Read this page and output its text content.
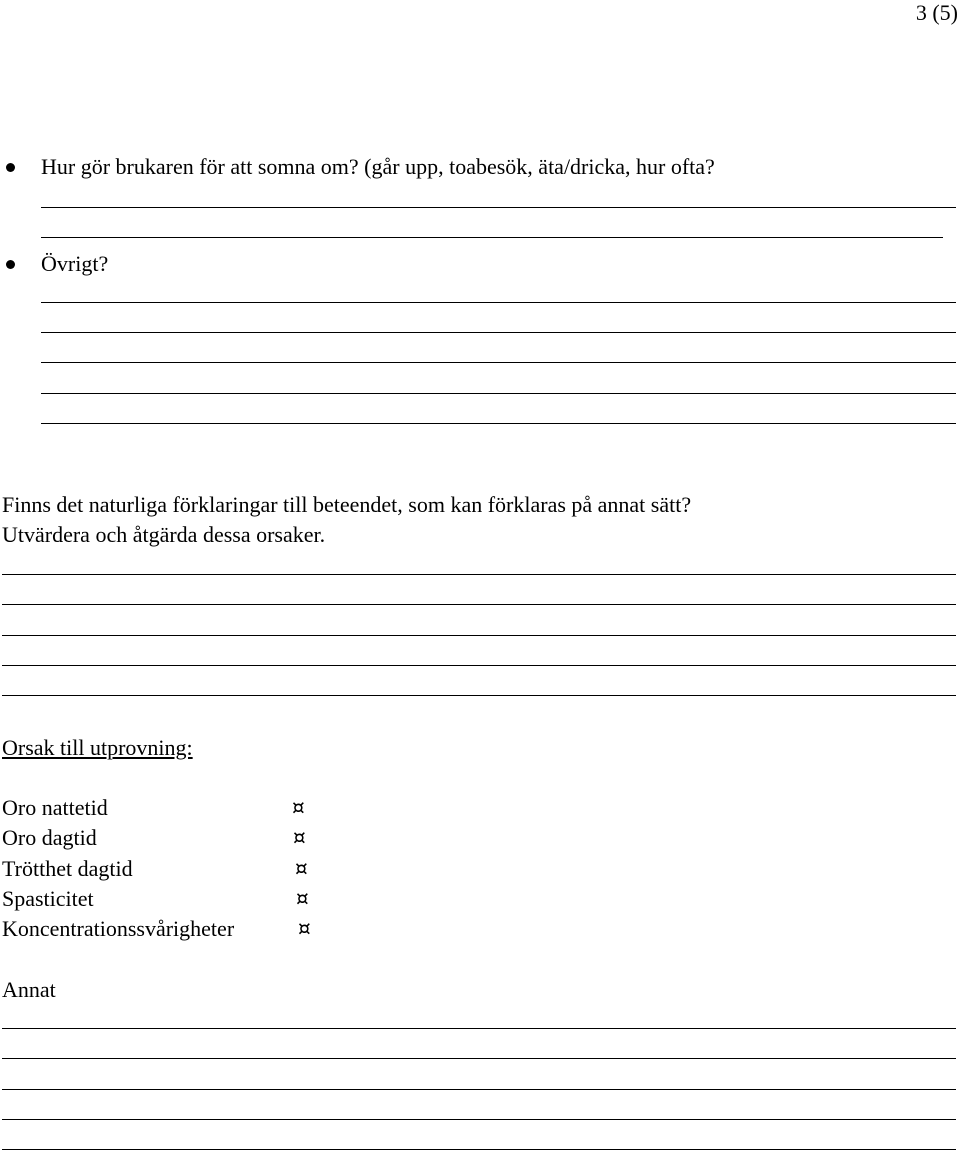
3 (5)
Hur gör brukaren för att somna om? (går upp, toabesök, äta/dricka, hur ofta?
Övrigt?
Finns det naturliga förklaringar till beteendet, som kan förklaras på annat sätt?
Utvärdera och åtgärda dessa orsaker.
Orsak till utprovning:
Oro nattetid	¤
Oro dagtid	¤
Trötthet dagtid	¤
Spasticitet	¤
Koncentrationssvårigheter	¤
Annat
